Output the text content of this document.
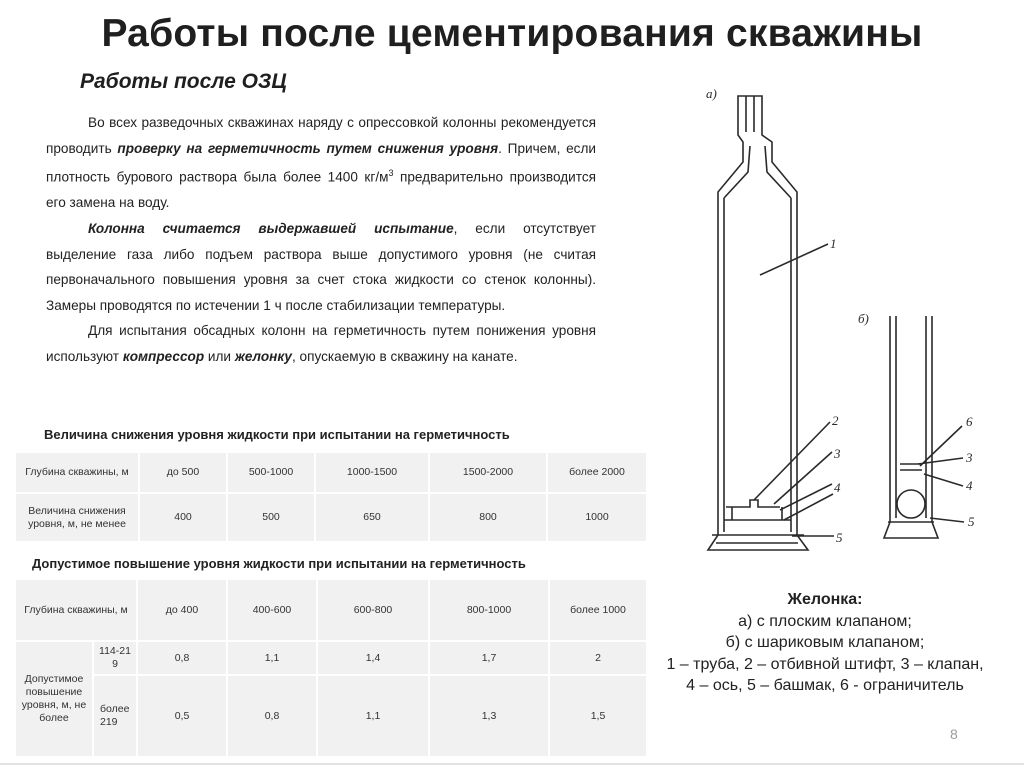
Работы после цементирования скважины
Работы после ОЗЦ

Во всех разведочных скважинах наряду с опрессовкой колонны рекомендуется проводить проверку на герметичность путем снижения уровня. Причем, если плотность бурового раствора была более 1400 $кг/м^3$ предварительно производится его замена на воду.

Колонна считается выдержавшей испытание, если отсутствует выделение газа либо подъем раствора выше допустимого уровня (не считая первоначального повышения уровня за счет стока жидкости со стенок колонны). Замеры проводятся по истечении 1 ч после стабилизации температуры.

Для испытания обсадных колонн на герметичность путем понижения уровня используют компрессор или желонку, опускаемую в скважину на канате.

Величина снижения уровня жидкости при испытании на герметичность
Глубина скважины, м	до 500	500-1000	1000-1500	1500-2000	более 2000
Величина снижения уровня, м, не менее	400	500	650	800	1000
Допустимое повышение уровня жидкости при испытании на герметичность
Глубина скважины, м		до 400	400-600	600-800	800-1000	более 1000
Допустимое повышение уровня, м, не более	114-219	0,8	1,1	1,4	1,7	2
	более 219	0,5	0,8	1,1	1,3	1,5
а)
б)
1
2
3
4
5
6
3
4
5
Желонка:
а) с плоским клапаном;
б) с шариковым клапаном;
1 – труба, 2 – отбивной штифт, 3 – клапан,
4 – ось, 5 – башмак, 6 - ограничитель
8
